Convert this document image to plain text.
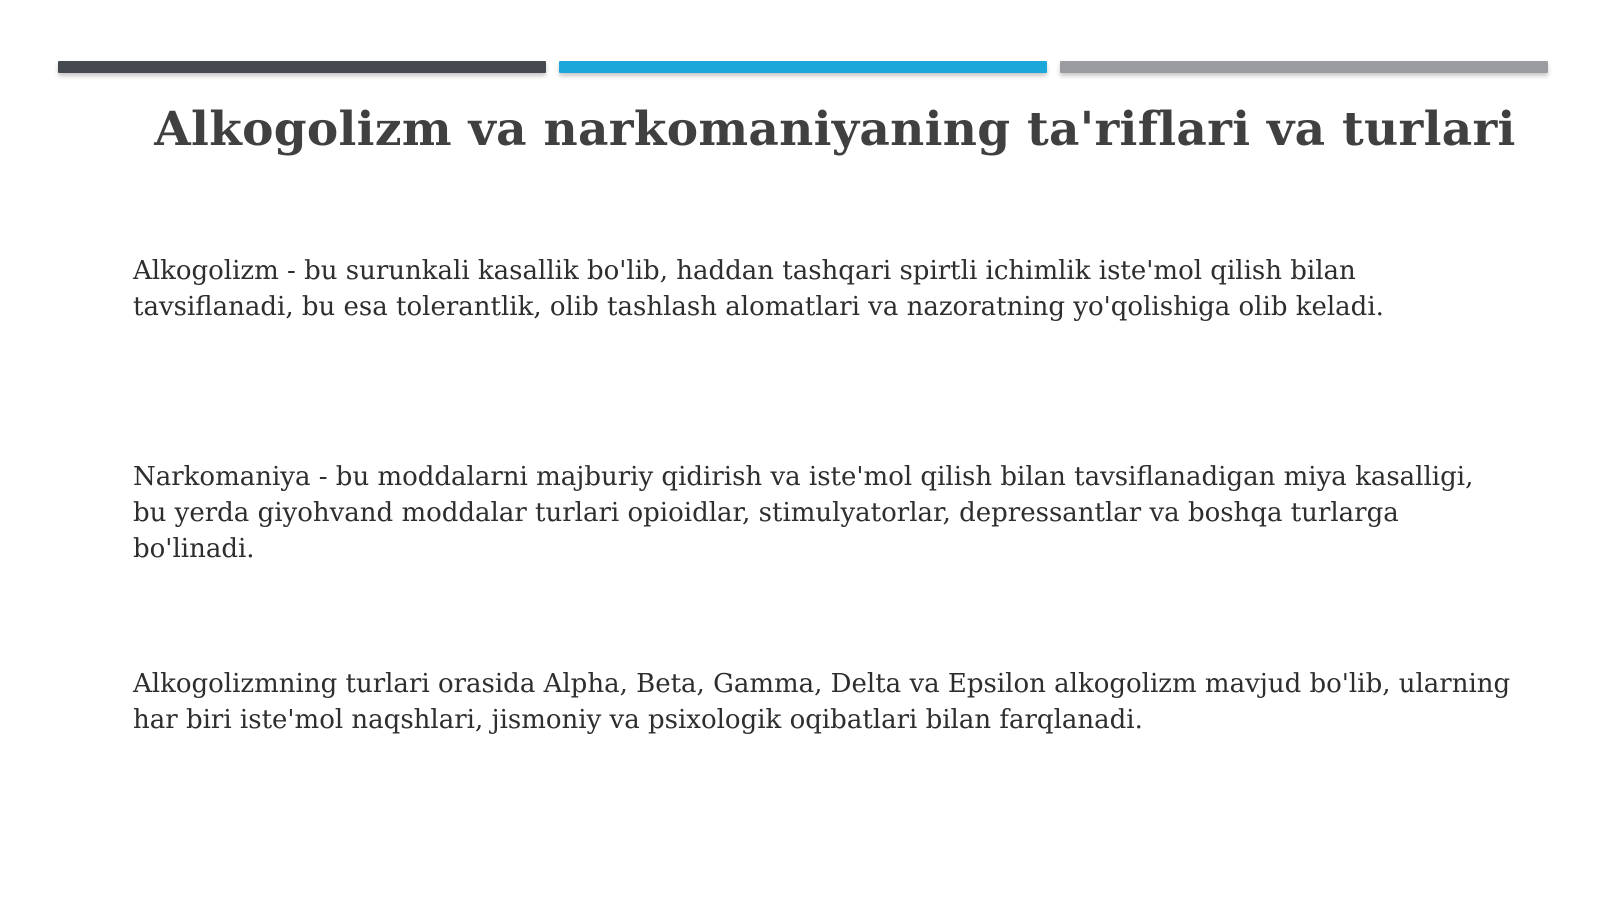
Alkogolizm va narkomaniyaning ta'riflari va turlari

Alkogolizm - bu surunkali kasallik bo'lib, haddan tashqari spirtli ichimlik iste'mol qilish bilan tavsiflanadi, bu esa tolerantlik, olib tashlash alomatlari va nazoratning yo'qolishiga olib keladi.

Narkomaniya - bu moddalarni majburiy qidirish va iste'mol qilish bilan tavsiflanadigan miya kasalligi, bu yerda giyohvand moddalar turlari opioidlar, stimulyatorlar, depressantlar va boshqa turlarga bo'linadi.

Alkogolizmning turlari orasida Alpha, Beta, Gamma, Delta va Epsilon alkogolizm mavjud bo'lib, ularning har biri iste'mol naqshlari, jismoniy va psixologik oqibatlari bilan farqlanadi.
